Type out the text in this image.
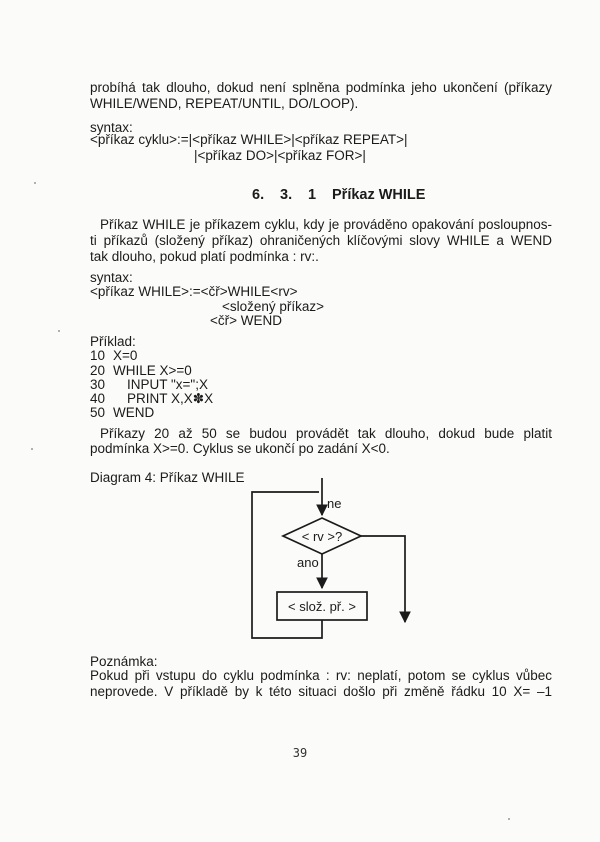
probíhá tak dlouho, dokud není splněna podmínka jeho ukončení (příkazy

WHILE/WEND, REPEAT/UNTIL, DO/LOOP).

syntax:

<příkaz cyklu>:=|<příkaz WHILE>|<příkaz REPEAT>|

|<příkaz DO>|<příkaz FOR>|

6. 3. 1 Příkaz WHILE

Příkaz WHILE je příkazem cyklu, kdy je prováděno opakování posloupnos-

ti příkazů (složený příkaz) ohraničených klíčovými slovy WHILE a WEND

tak dlouho, pokud platí podmínka : rv:.

syntax:

<příkaz WHILE>:=<čř>WHILE<rv>

<složený příkaz>

<čř> WEND

Příklad:

10 X=0

20 WHILE X>=0

30 INPUT "x=";X

40 PRINT X,X✽X

50 WEND

Příkazy 20 až 50 se budou provádět tak dlouho, dokud bude platit

podmínka X>=0. Cyklus se ukončí po zadání X<0.

Diagram 4: Příkaz WHILE

ne
< rv >?
ano
< slož. př. >

Poznámka:

Pokud při vstupu do cyklu podmínka : rv: neplatí, potom se cyklus vůbec

neprovede. V příkladě by k této situaci došlo při změně řádku 10 X= –1

39
